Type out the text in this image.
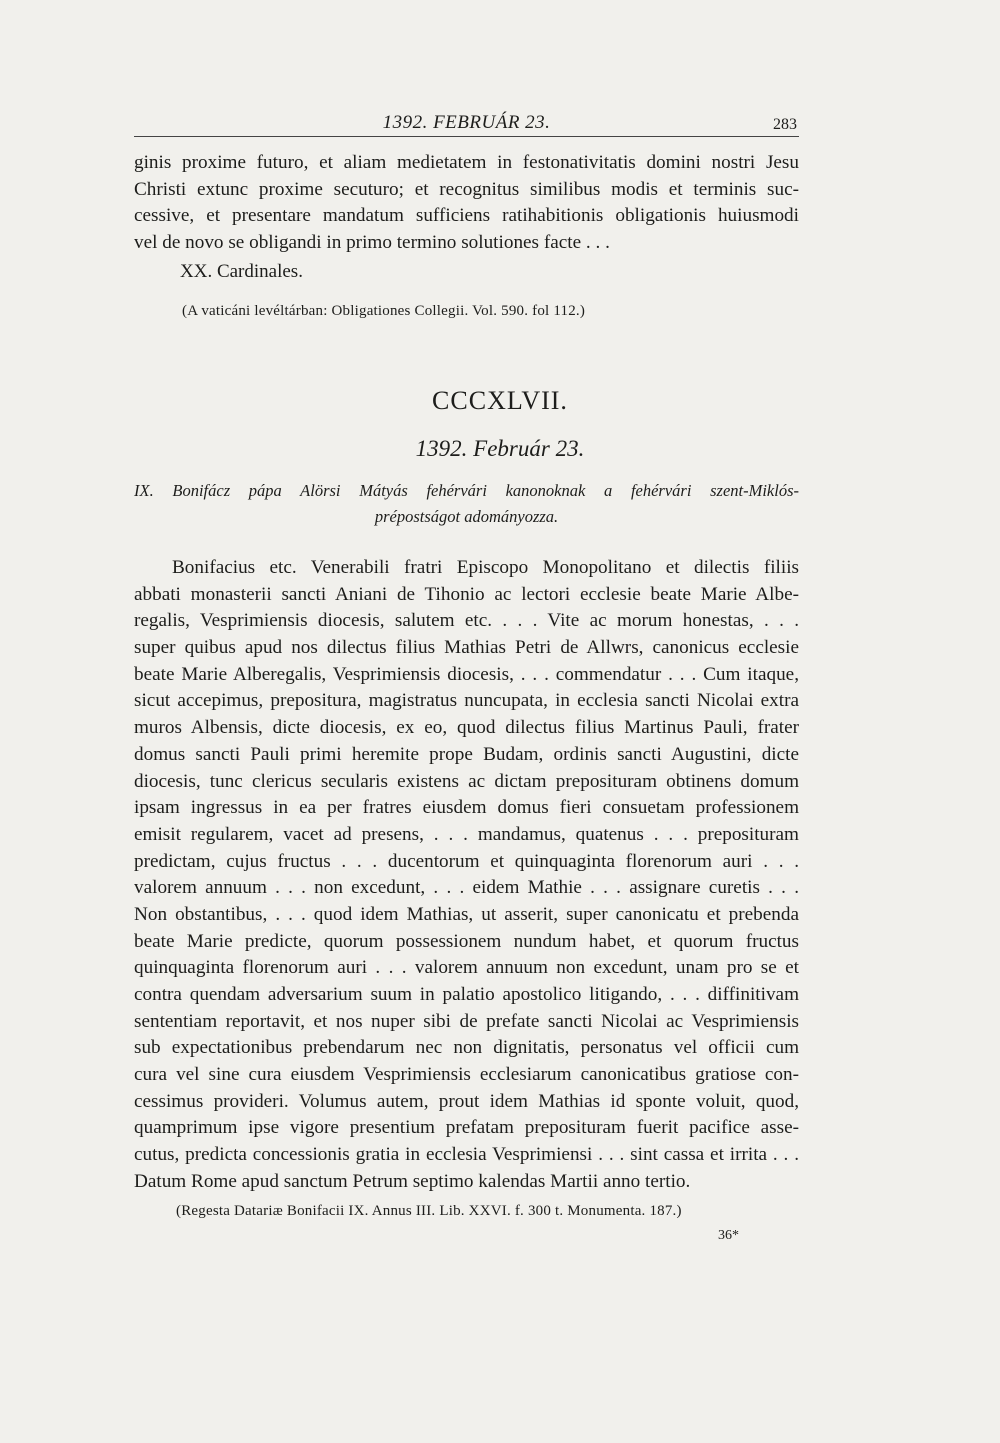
1392. FEBRUÁR 23.	283
ginis proxime futuro, et aliam medietatem in festonativitatis domini nostri Jesu
Christi extunc proxime secuturo; et recognitus similibus modis et terminis suc-
cessive, et presentare mandatum sufficiens ratihabitionis obligationis huiusmodi
vel de novo se obligandi in primo termino solutiones facte . . .
XX. Cardinales.
(A vaticáni levéltárban: Obligationes Collegii. Vol. 590. fol 112.)
CCCXLVII.
1392. Február 23.
IX. Bonifácz pápa Alörsi Mátyás fehérvári kanonoknak a fehérvári szent-Miklós-
prépostságot adományozza.
Bonifacius etc. Venerabili fratri Episcopo Monopolitano et dilectis filiis
abbati monasterii sancti Aniani de Tihonio ac lectori ecclesie beate Marie Albe-
regalis, Vesprimiensis diocesis, salutem etc. . . . Vite ac morum honestas, . . .
super quibus apud nos dilectus filius Mathias Petri de Allwrs, canonicus ecclesie
beate Marie Alberegalis, Vesprimiensis diocesis, . . . commendatur . . . Cum itaque,
sicut accepimus, prepositura, magistratus nuncupata, in ecclesia sancti Nicolai extra
muros Albensis, dicte diocesis, ex eo, quod dilectus filius Martinus Pauli, frater
domus sancti Pauli primi heremite prope Budam, ordinis sancti Augustini, dicte
diocesis, tunc clericus secularis existens ac dictam preposituram obtinens domum
ipsam ingressus in ea per fratres eiusdem domus fieri consuetam professionem
emisit regularem, vacet ad presens, . . . mandamus, quatenus . . . preposituram
predictam, cujus fructus . . . ducentorum et quinquaginta florenorum auri . . .
valorem annuum . . . non excedunt, . . . eidem Mathie . . . assignare curetis . . .
Non obstantibus, . . . quod idem Mathias, ut asserit, super canonicatu et prebenda
beate Marie predicte, quorum possessionem nundum habet, et quorum fructus
quinquaginta florenorum auri . . . valorem annuum non excedunt, unam pro se et
contra quendam adversarium suum in palatio apostolico litigando, . . . diffinitivam
sententiam reportavit, et nos nuper sibi de prefate sancti Nicolai ac Vesprimiensis
sub expectationibus prebendarum nec non dignitatis, personatus vel officii cum
cura vel sine cura eiusdem Vesprimiensis ecclesiarum canonicatibus gratiose con-
cessimus provideri. Volumus autem, prout idem Mathias id sponte voluit, quod,
quamprimum ipse vigore presentium prefatam preposituram fuerit pacifice asse-
cutus, predicta concessionis gratia in ecclesia Vesprimiensi . . . sint cassa et irrita . . .
Datum Rome apud sanctum Petrum septimo kalendas Martii anno tertio.
(Regesta Datariæ Bonifacii IX. Annus III. Lib. XXVI. f. 300 t. Monumenta. 187.)
36*
